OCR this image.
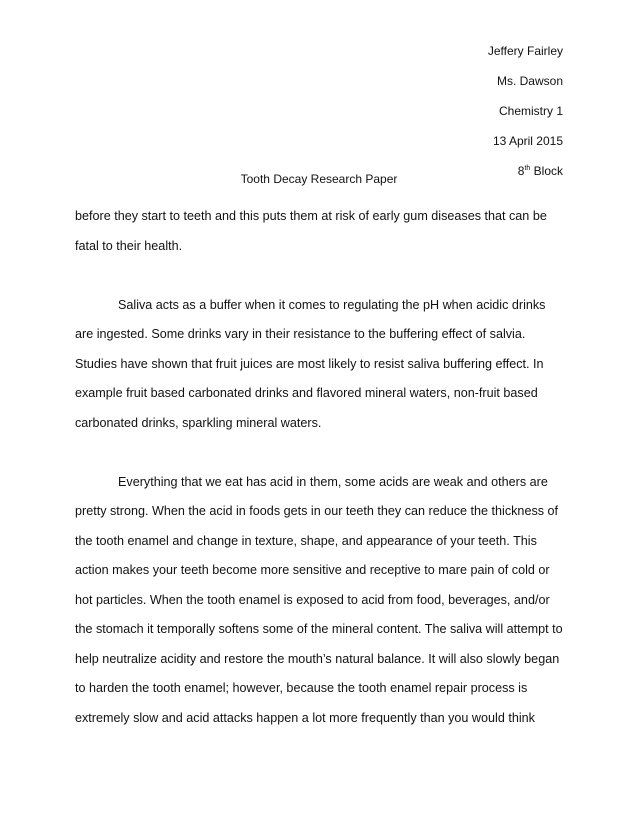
Jeffery Fairley
Ms. Dawson
Chemistry 1
13 April 2015
8th Block
Tooth Decay Research Paper

before they start to teeth and this puts them at risk of early gum diseases that can be fatal to their health.

Saliva acts as a buffer when it comes to regulating the pH when acidic drinks are ingested. Some drinks vary in their resistance to the buffering effect of salvia. Studies have shown that fruit juices are most likely to resist saliva buffering effect. In example fruit based carbonated drinks and flavored mineral waters, non-fruit based carbonated drinks, sparkling mineral waters.

Everything that we eat has acid in them, some acids are weak and others are pretty strong. When the acid in foods gets in our teeth they can reduce the thickness of the tooth enamel and change in texture, shape, and appearance of your teeth. This action makes your teeth become more sensitive and receptive to mare pain of cold or hot particles. When the tooth enamel is exposed to acid from food, beverages, and/or the stomach it temporally softens some of the mineral content. The saliva will attempt to help neutralize acidity and restore the mouth’s natural balance. It will also slowly began to harden the tooth enamel; however, because the tooth enamel repair process is extremely slow and acid attacks happen a lot more frequently than you would think
